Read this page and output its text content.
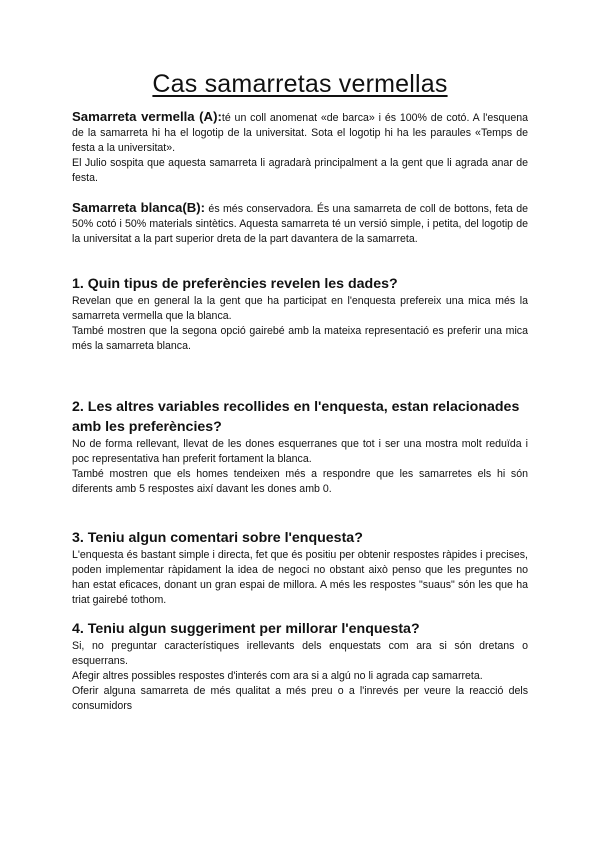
Cas samarretas vermellas

Samarreta vermella (A):té un coll anomenat «de barca» i és 100% de cotó. A l'esquena de la samarreta hi ha el logotip de la universitat. Sota el logotip hi ha les paraules «Temps de festa a la universitat».

El Julio sospita que aquesta samarreta li agradarà principalment a la gent que li agrada anar de festa.

Samarreta blanca(B): és més conservadora. És una samarreta de coll de bottons, feta de 50% cotó i 50% materials sintètics. Aquesta samarreta té un versió simple, i petita, del logotip de la universitat a la part superior dreta de la part davantera de la samarreta.

1. Quin tipus de preferències revelen les dades?

Revelan que en general la la gent que ha participat en l'enquesta prefereix una mica més la samarreta vermella que la blanca.

També mostren que la segona opció gairebé amb la mateixa representació es preferir una mica més la samarreta blanca.

2. Les altres variables recollides en l'enquesta, estan relacionades amb les preferències?

No de forma rellevant, llevat de les dones esquerranes que tot i ser una mostra molt reduïda i poc representativa han preferit fortament la blanca.

També mostren que els homes tendeixen més a respondre que les samarretes els hi són diferents amb 5 respostes així davant les dones amb 0.

3. Teniu algun comentari sobre l'enquesta?

L'enquesta és bastant simple i directa, fet que és positiu per obtenir respostes ràpides i precises, poden implementar ràpidament la idea de negoci no obstant això penso que les preguntes no han estat eficaces, donant un gran espai de millora. A més les respostes "suaus" són les que ha triat gairebé tothom.

4. Teniu algun suggeriment per millorar l'enquesta?

Si, no preguntar característiques irellevants dels enquestats com ara si són dretans o esquerrans.

Afegir altres possibles respostes d'interés com ara si a algú no li agrada cap samarreta.

Oferir alguna samarreta de més qualitat a més preu o a l'inrevés per veure la reacció dels consumidors
